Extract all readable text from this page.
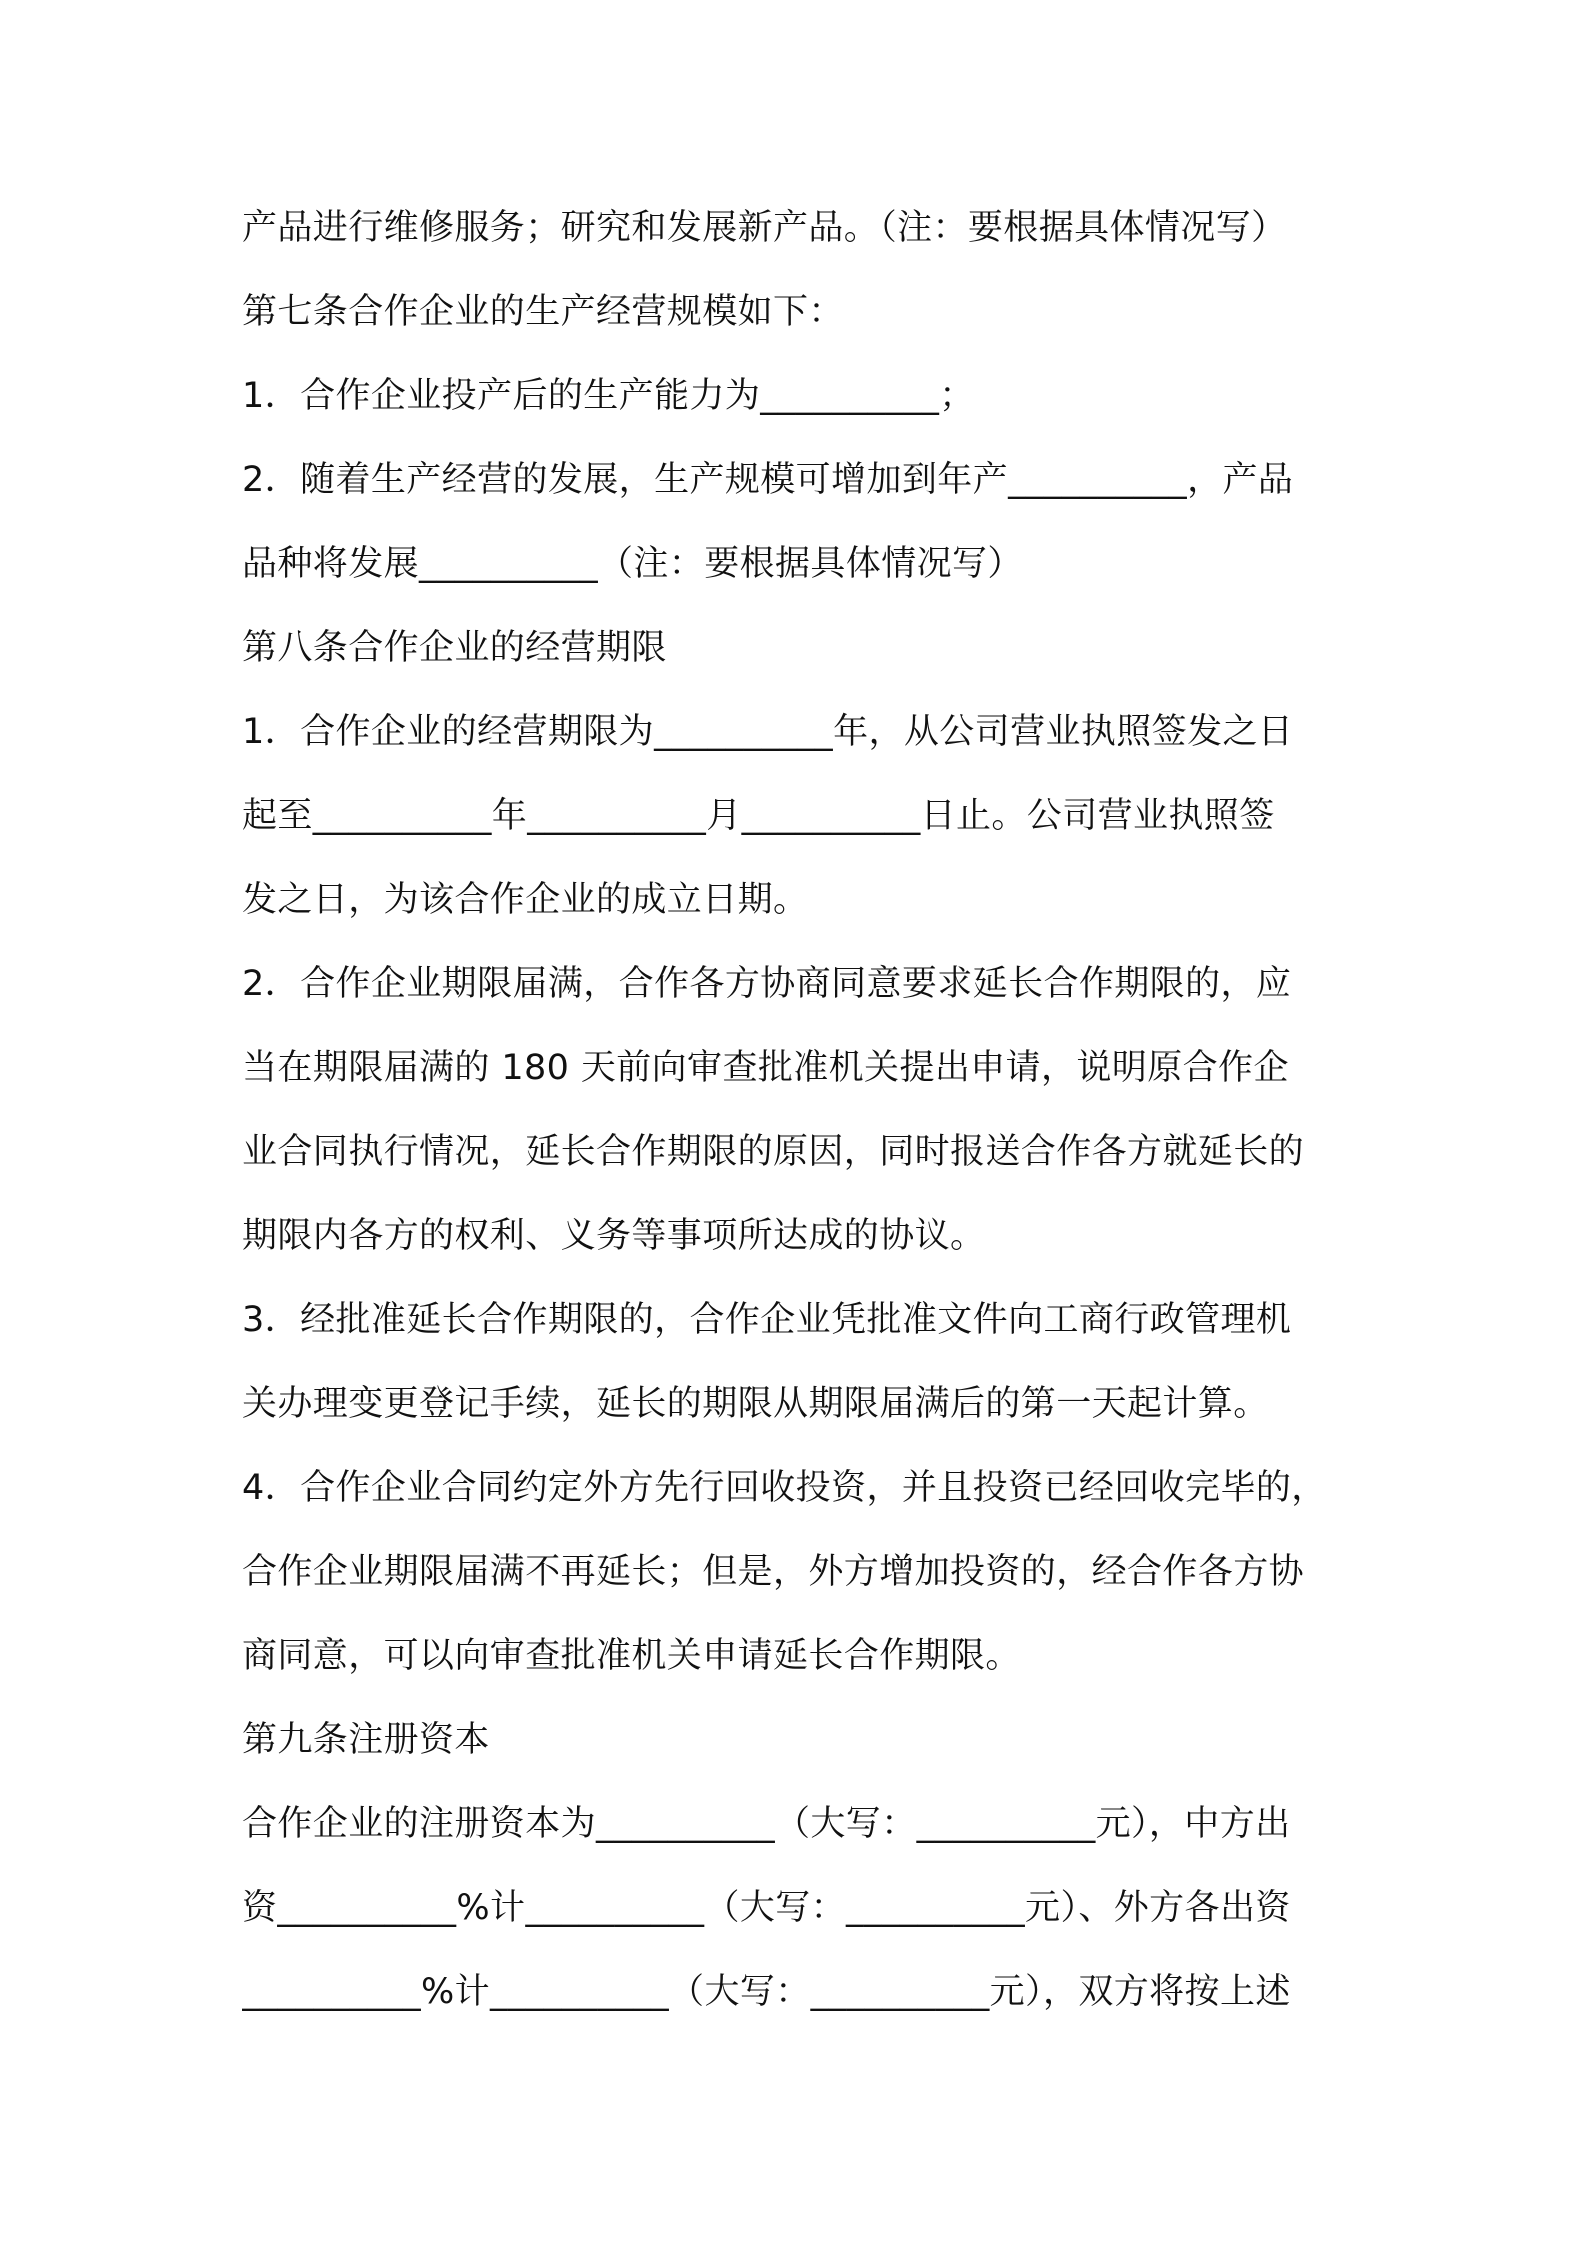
产品进行维修服务；研究和发展新产品。（注：要根据具体情况写）
第七条合作企业的生产经营规模如下：
1．合作企业投产后的生产能力为__________；
2．随着生产经营的发展，生产规模可增加到年产__________，产品
品种将发展__________（注：要根据具体情况写）
第八条合作企业的经营期限
1．合作企业的经营期限为__________年，从公司营业执照签发之日
起至__________年__________月__________日止。公司营业执照签
发之日，为该合作企业的成立日期。
2．合作企业期限届满，合作各方协商同意要求延长合作期限的，应
当在期限届满的 180 天前向审查批准机关提出申请，说明原合作企
业合同执行情况，延长合作期限的原因，同时报送合作各方就延长的
期限内各方的权利、义务等事项所达成的协议。
3．经批准延长合作期限的，合作企业凭批准文件向工商行政管理机
关办理变更登记手续，延长的期限从期限届满后的第一天起计算。
4．合作企业合同约定外方先行回收投资，并且投资已经回收完毕的，
合作企业期限届满不再延长；但是，外方增加投资的，经合作各方协
商同意，可以向审查批准机关申请延长合作期限。
第九条注册资本
合作企业的注册资本为__________（大写：__________元），中方出
资__________%计__________（大写：__________元）、外方各出资
__________%计__________（大写：__________元），双方将按上述
